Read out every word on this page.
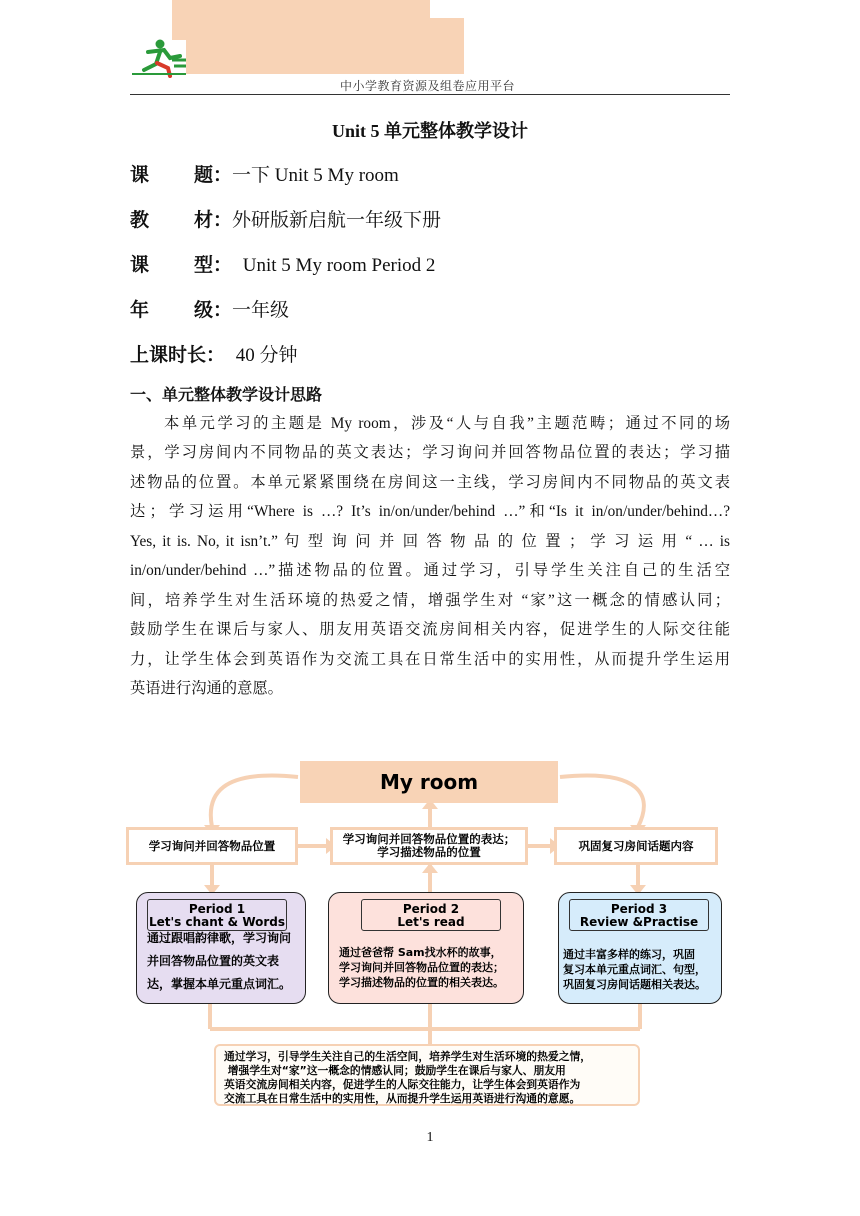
中小学教育资源及组卷应用平台
Unit 5 单元整体教学设计
课题：一下 Unit 5 My room
教材：外研版新启航一年级下册
课型： Unit 5 My room Period 2
年级：一年级
上课时长： 40 分钟
一、单元整体教学设计思路
本单元学习的主题是 My room，涉及“人与自我”主题范畴；通过不同的场
景，学习房间内不同物品的英文表达；学习询问并回答物品位置的表达；学习描
述物品的位置。本单元紧紧围绕在房间这一主线，学习房间内不同物品的英文表
达；学习运用“Where is …? It’s in/on/under/behind …”和“Is it in/on/under/behind…?
Yes, it is. No, it isn’t.” 句 型 询 问 并 回 答 物 品 的 位 置 ； 学 习 运 用 “ … is
in/on/under/behind …”描述物品的位置。通过学习，引导学生关注自己的生活空
间，培养学生对生活环境的热爱之情，增强学生对 “家”这一概念的情感认同；
鼓励学生在课后与家人、朋友用英语交流房间相关内容，促进学生的人际交往能
力，让学生体会到英语作为交流工具在日常生活中的实用性，从而提升学生运用
英语进行沟通的意愿。
My room
学习询问并回答物品位置	学习询问并回答物品位置的表达；
学习描述物品的位置	巩固复习房间话题内容
Period 1
Let's chant & Words
通过跟唱韵律歌，学习询问
并回答物品位置的英文表
达，掌握本单元重点词汇。
Period 2
Let's read
通过爸爸帮 Sam找水杯的故事，
学习询问并回答物品位置的表达；
学习描述物品的位置的相关表达。
Period 3
Review &Practise
通过丰富多样的练习，巩固
复习本单元重点词汇、句型，
巩固复习房间话题相关表达。
通过学习，引导学生关注自己的生活空间，培养学生对生活环境的热爱之情，
增强学生对“家”这一概念的情感认同；鼓励学生在课后与家人、朋友用
英语交流房间相关内容，促进学生的人际交往能力，让学生体会到英语作为
交流工具在日常生活中的实用性，从而提升学生运用英语进行沟通的意愿。
1
